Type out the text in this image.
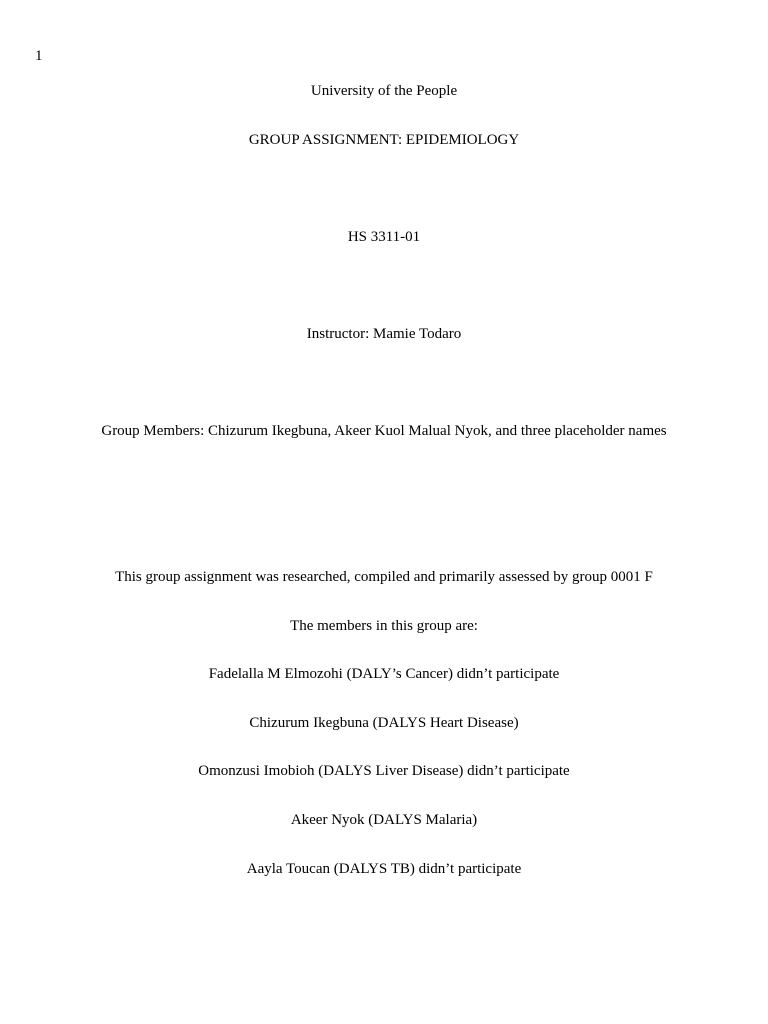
1
University of the People
GROUP ASSIGNMENT: EPIDEMIOLOGY
HS 3311-01
Instructor: Mamie Todaro
Group Members: Chizurum Ikegbuna, Akeer Kuol Malual Nyok, and three placeholder names
This group assignment was researched, compiled and primarily assessed by group 0001 F
The members in this group are:
Fadelalla M Elmozohi (DALY’s Cancer) didn’t participate
Chizurum Ikegbuna (DALYS Heart Disease)
Omonzusi Imobioh (DALYS Liver Disease) didn’t participate
Akeer Nyok (DALYS Malaria)
Aayla Toucan (DALYS TB) didn’t participate
